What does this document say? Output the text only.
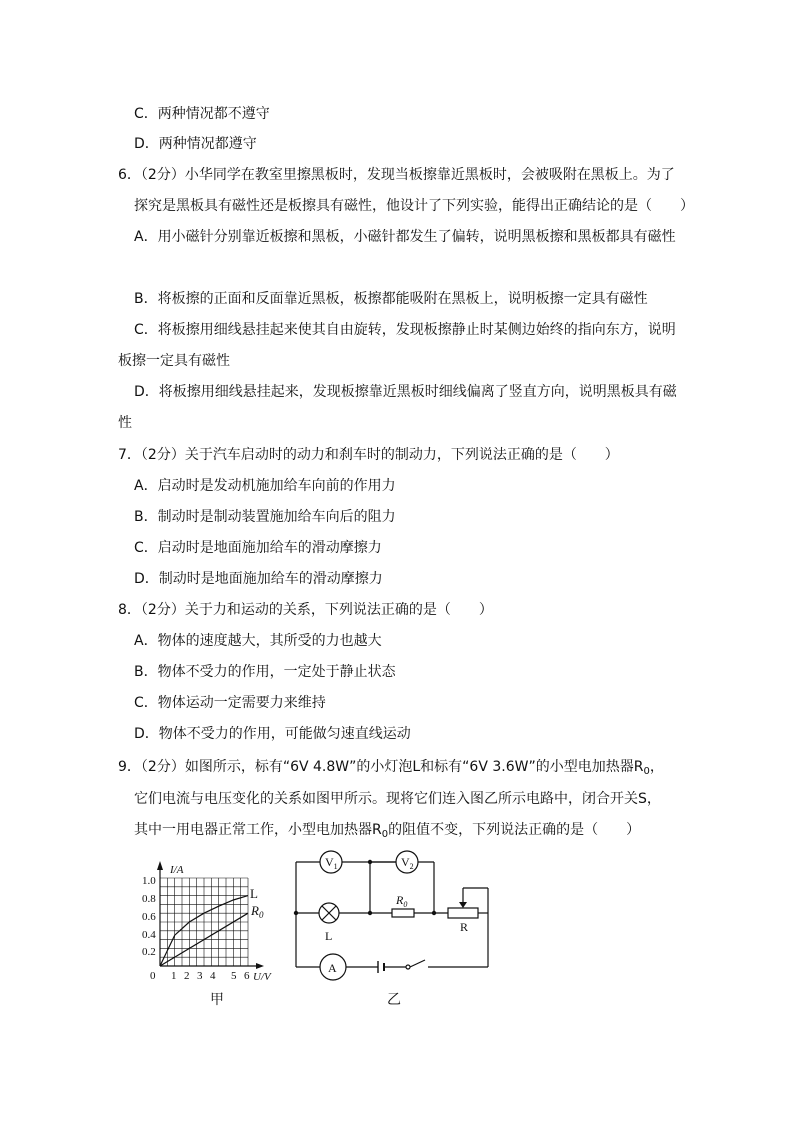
C．两种情况都不遵守
D．两种情况都遵守
6．（2分）小华同学在教室里擦黑板时，发现当板擦靠近黑板时，会被吸附在黑板上。为了
探究是黑板具有磁性还是板擦具有磁性，他设计了下列实验，能得出正确结论的是（　　）
A．用小磁针分别靠近板擦和黑板，小磁针都发生了偏转，说明黑板擦和黑板都具有磁性
B．将板擦的正面和反面靠近黑板，板擦都能吸附在黑板上，说明板擦一定具有磁性
C．将板擦用细线悬挂起来使其自由旋转，发现板擦静止时某侧边始终的指向东方，说明
板擦一定具有磁性
D．将板擦用细线悬挂起来，发现板擦靠近黑板时细线偏离了竖直方向，说明黑板具有磁
性
7．（2分）关于汽车启动时的动力和刹车时的制动力，下列说法正确的是（　　）
A．启动时是发动机施加给车向前的作用力
B．制动时是制动装置施加给车向后的阻力
C．启动时是地面施加给车的滑动摩擦力
D．制动时是地面施加给车的滑动摩擦力
8．（2分）关于力和运动的关系，下列说法正确的是（　　）
A．物体的速度越大，其所受的力也越大
B．物体不受力的作用，一定处于静止状态
C．物体运动一定需要力来维持
D．物体不受力的作用，可能做匀速直线运动
9．（2分）如图所示，标有“6V 4.8W”的小灯泡L和标有“6V 3.6W”的小型电加热器$R_0$，
它们电流与电压变化的关系如图甲所示。现将它们连入图乙所示电路中，闭合开关S，
其中一用电器正常工作，小型电加热器$R_0$的阻值不变，下列说法正确的是（　　）
I/A
U/V
1.0
0.8
0.6
0.4
0.2
0 1 2 3 4 5 6
L
$R_0$
甲
$V_1$	$V_2$
$R_0$
L
R
A
乙
